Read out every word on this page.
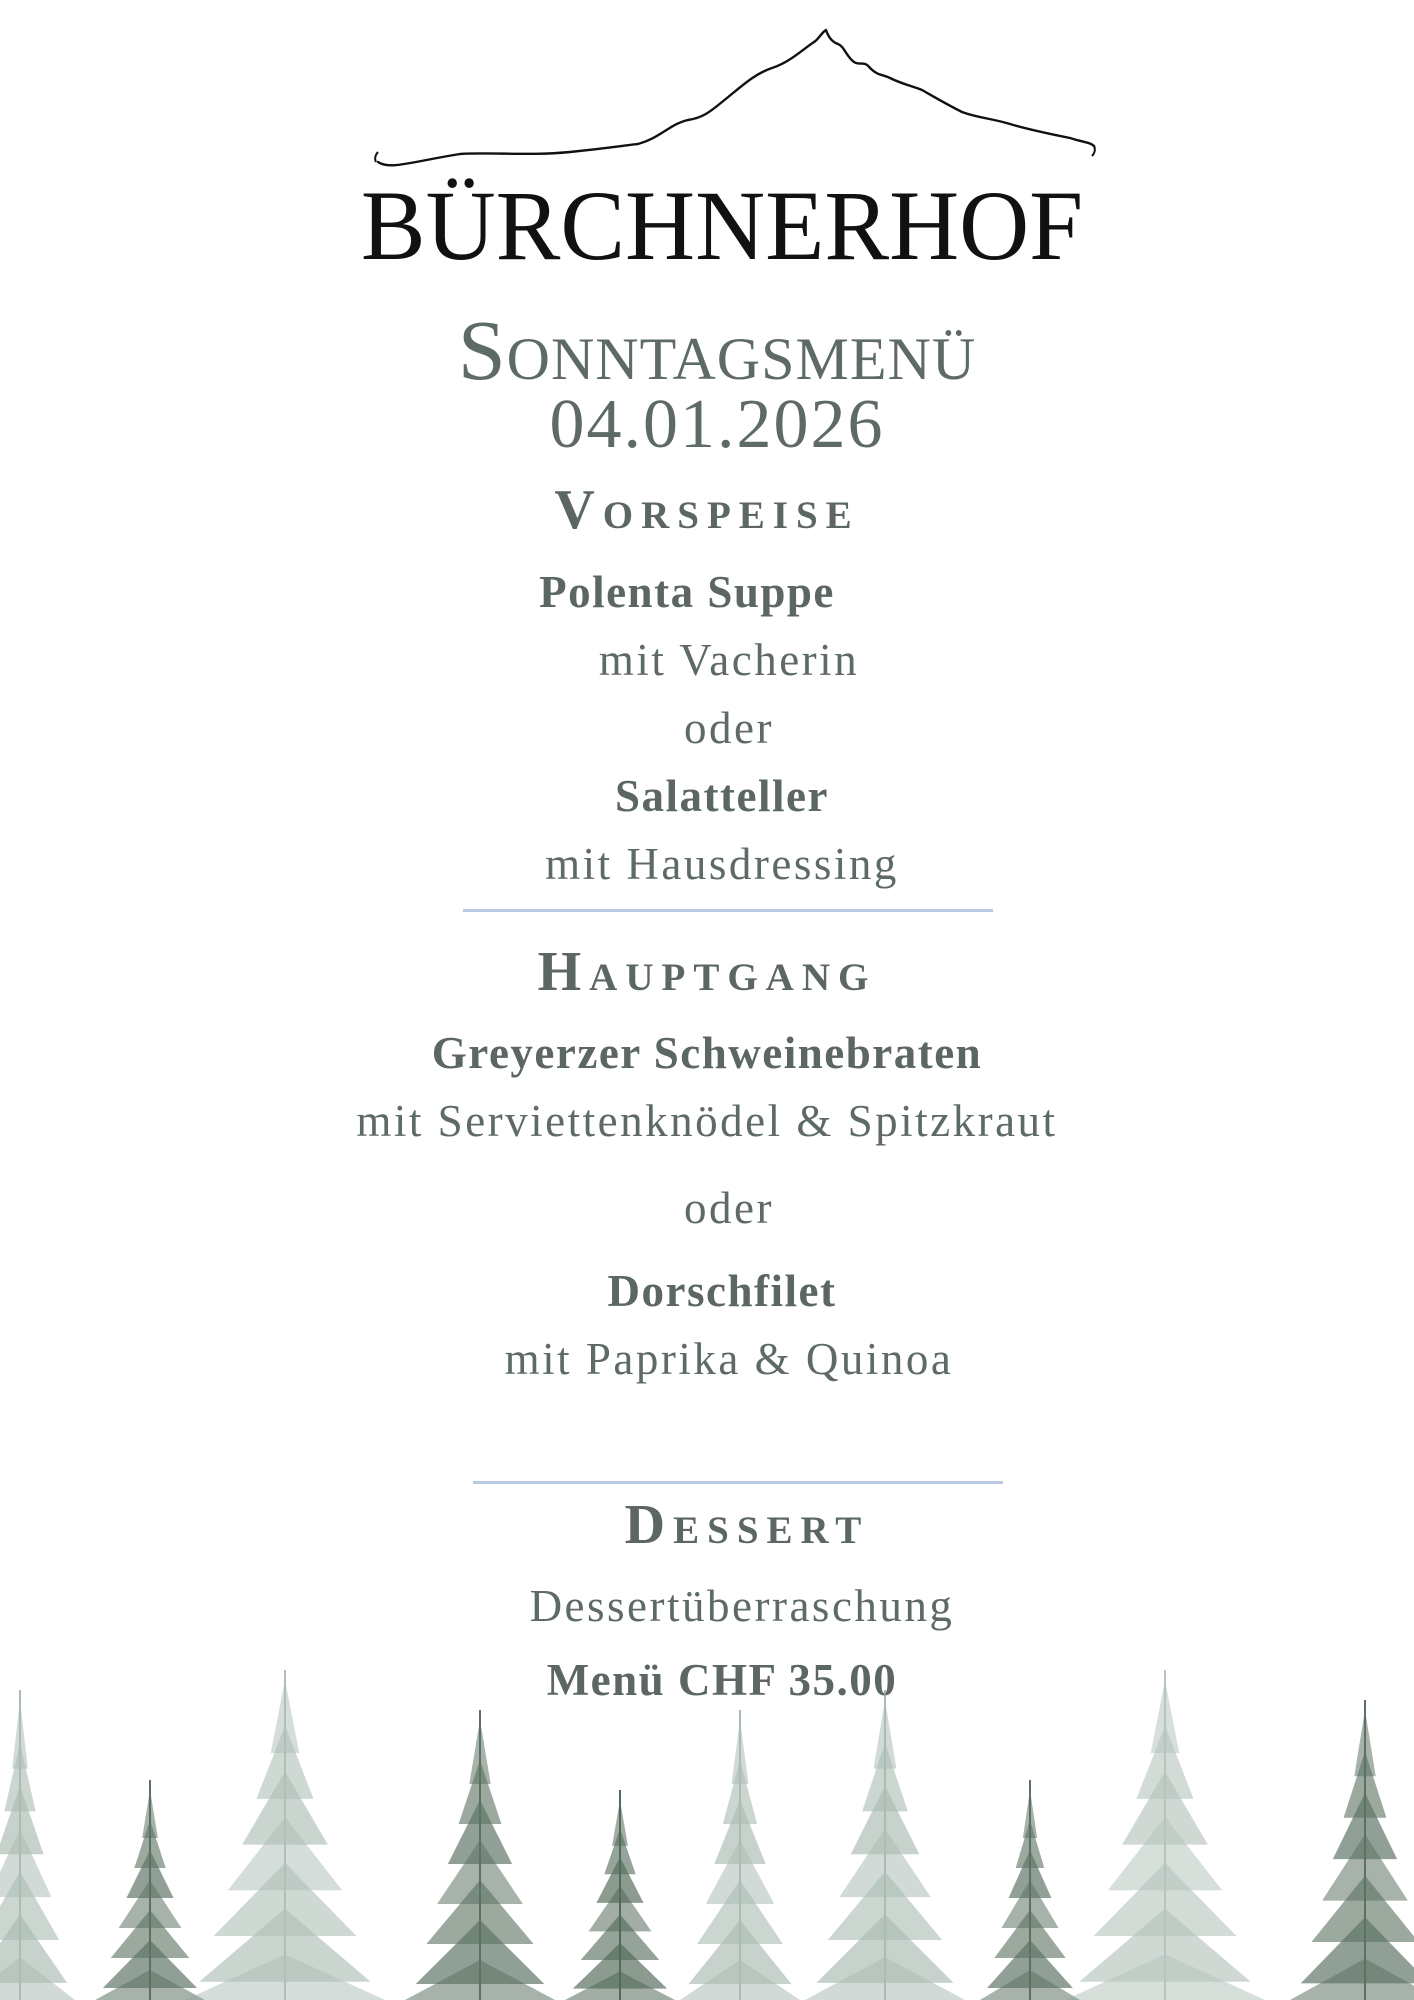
BÜRCHNERHOF
Sonntagsmenü
04.01.2026
Vorspeise
Polenta Suppe
mit Vacherin
oder
Salatteller
mit Hausdressing
Hauptgang
Greyerzer Schweinebraten
mit Serviettenknödel & Spitzkraut
oder
Dorschfilet
mit Paprika & Quinoa
Dessert
Dessertüberraschung
Menü CHF 35.00
